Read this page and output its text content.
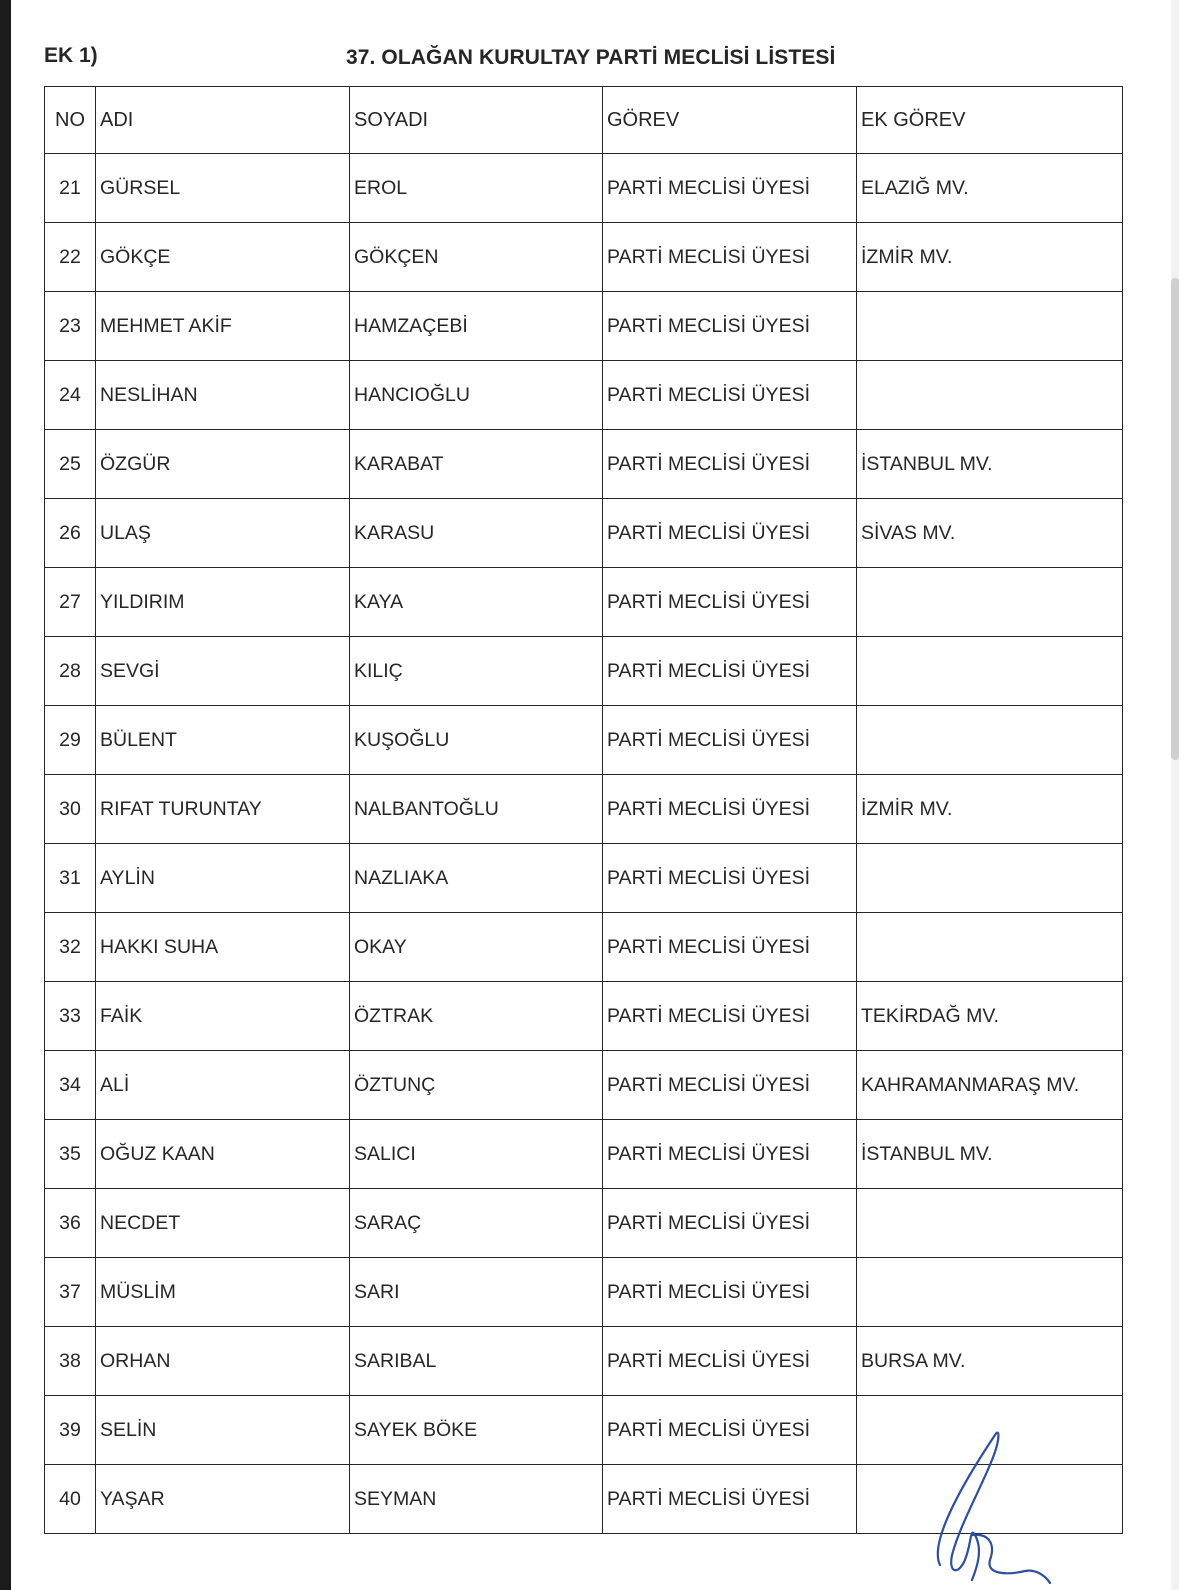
EK 1)	37. OLAĞAN KURULTAY PARTİ MECLİSİ LİSTESİ
NO	ADI	SOYADI	GÖREV	EK GÖREV
21	GÜRSEL	EROL	PARTİ MECLİSİ ÜYESİ	ELAZIĞ MV.
22	GÖKÇE	GÖKÇEN	PARTİ MECLİSİ ÜYESİ	İZMİR MV.
23	MEHMET AKİF	HAMZAÇEBİ	PARTİ MECLİSİ ÜYESİ	
24	NESLİHAN	HANCIOĞLU	PARTİ MECLİSİ ÜYESİ	
25	ÖZGÜR	KARABAT	PARTİ MECLİSİ ÜYESİ	İSTANBUL MV.
26	ULAŞ	KARASU	PARTİ MECLİSİ ÜYESİ	SİVAS MV.
27	YILDIRIM	KAYA	PARTİ MECLİSİ ÜYESİ	
28	SEVGİ	KILIÇ	PARTİ MECLİSİ ÜYESİ	
29	BÜLENT	KUŞOĞLU	PARTİ MECLİSİ ÜYESİ	
30	RIFAT TURUNTAY	NALBANTOĞLU	PARTİ MECLİSİ ÜYESİ	İZMİR MV.
31	AYLİN	NAZLIAKA	PARTİ MECLİSİ ÜYESİ	
32	HAKKI SUHA	OKAY	PARTİ MECLİSİ ÜYESİ	
33	FAİK	ÖZTRAK	PARTİ MECLİSİ ÜYESİ	TEKİRDAĞ MV.
34	ALİ	ÖZTUNÇ	PARTİ MECLİSİ ÜYESİ	KAHRAMANMARAŞ MV.
35	OĞUZ KAAN	SALICI	PARTİ MECLİSİ ÜYESİ	İSTANBUL MV.
36	NECDET	SARAÇ	PARTİ MECLİSİ ÜYESİ	
37	MÜSLİM	SARI	PARTİ MECLİSİ ÜYESİ	
38	ORHAN	SARIBAL	PARTİ MECLİSİ ÜYESİ	BURSA MV.
39	SELİN	SAYEK BÖKE	PARTİ MECLİSİ ÜYESİ	
40	YAŞAR	SEYMAN	PARTİ MECLİSİ ÜYESİ	
